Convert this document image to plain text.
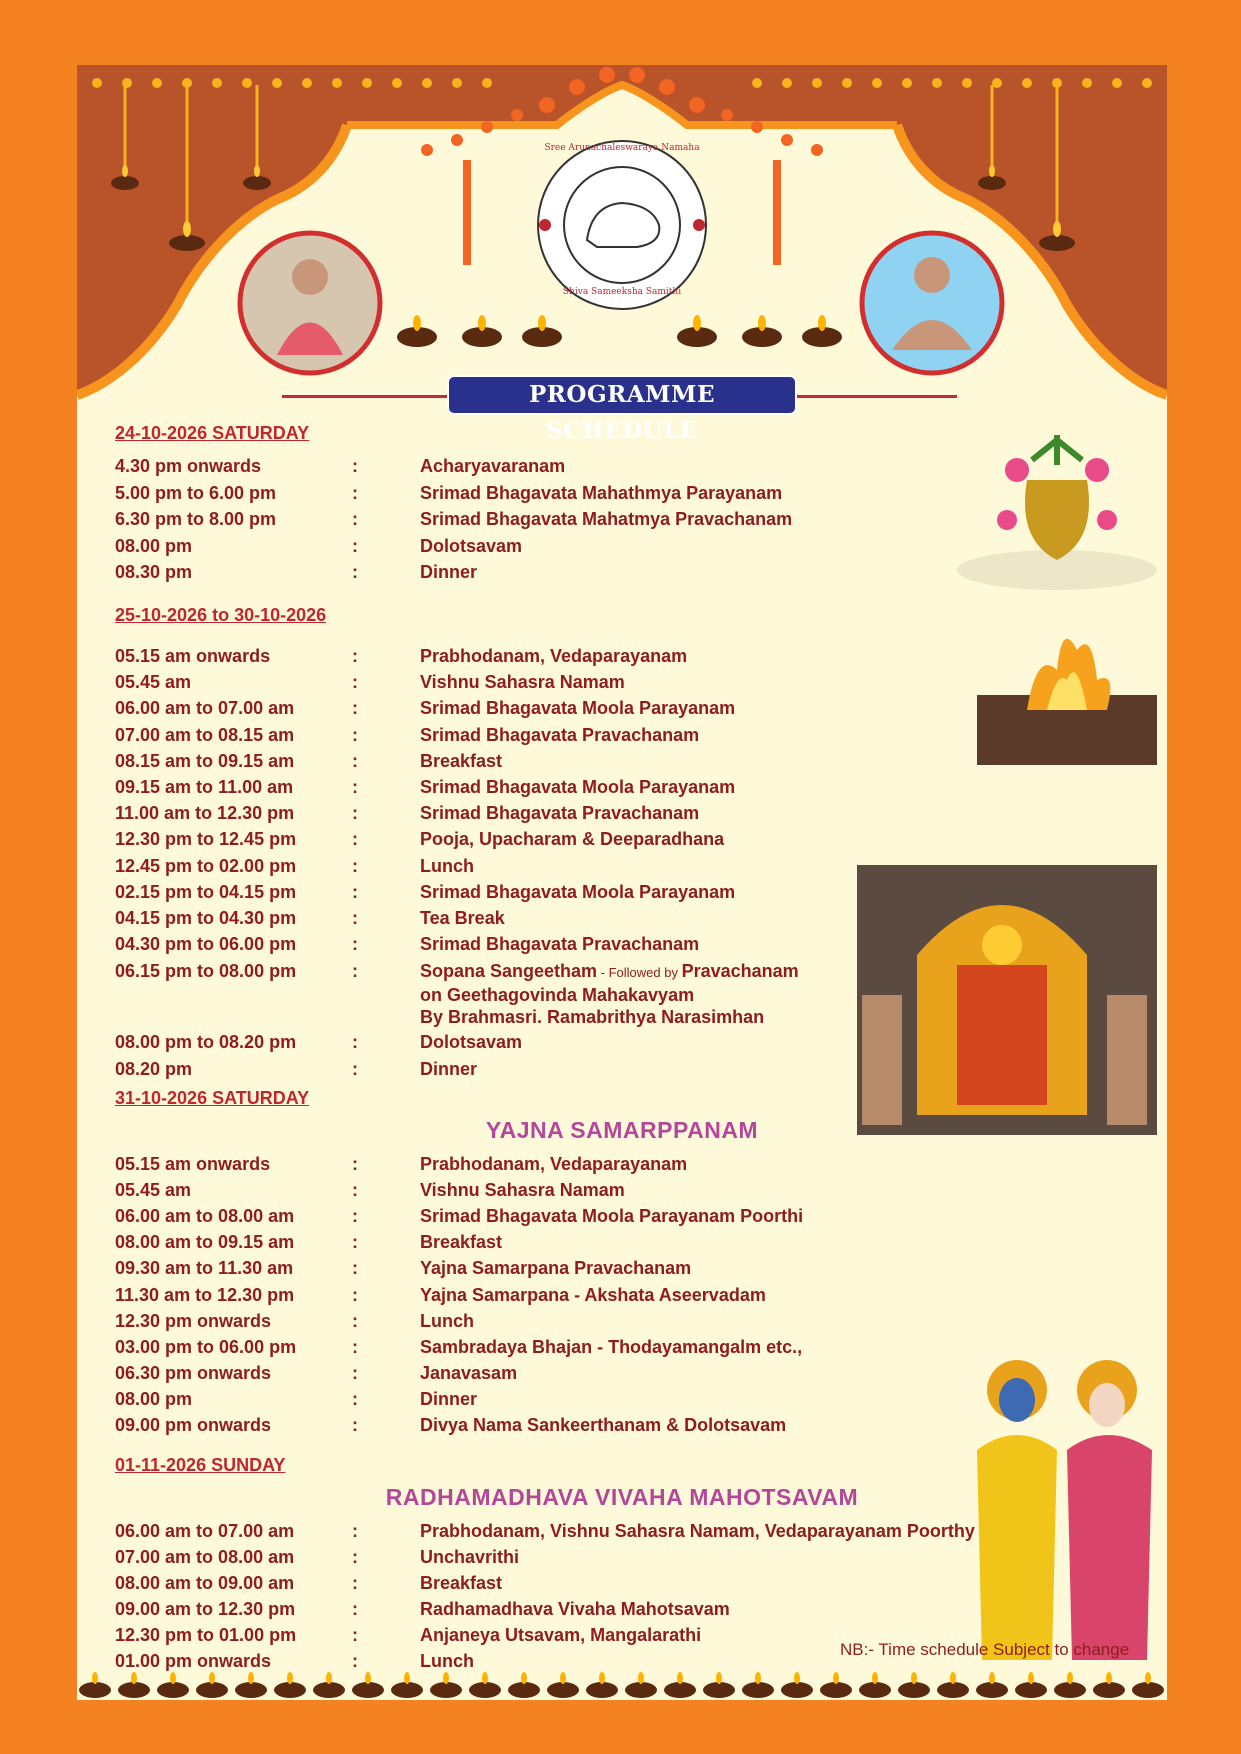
Sree Arunachaleswaraya Namaha
Shiva Sameeksha Samithi
PROGRAMME SCHEDULE
24-10-2026 SATURDAY
4.30 pm onwards	:	Acharyavaranam
5.00 pm to 6.00 pm	:	Srimad Bhagavata Mahathmya Parayanam
6.30 pm to 8.00 pm	:	Srimad Bhagavata Mahatmya Pravachanam
08.00 pm	:	Dolotsavam
08.30 pm	:	Dinner
25-10-2026 to 30-10-2026
05.15 am onwards	:	Prabhodanam, Vedaparayanam
05.45 am	:	Vishnu Sahasra Namam
06.00 am to 07.00 am	:	Srimad Bhagavata Moola Parayanam
07.00 am to 08.15 am	:	Srimad Bhagavata Pravachanam
08.15 am to 09.15 am	:	Breakfast
09.15 am to 11.00 am	:	Srimad Bhagavata Moola Parayanam
11.00 am to 12.30 pm	:	Srimad Bhagavata Pravachanam
12.30 pm to 12.45 pm	:	Pooja, Upacharam & Deeparadhana
12.45 pm to 02.00 pm	:	Lunch
02.15 pm to 04.15 pm	:	Srimad Bhagavata Moola Parayanam
04.15 pm to 04.30 pm	:	Tea Break
04.30 pm to 06.00 pm	:	Srimad Bhagavata Pravachanam
06.15 pm to 08.00 pm	:	Sopana Sangeetham - Followed by Pravachanam
on Geethagovinda Mahakavyam
By Brahmasri. Ramabrithya Narasimhan
08.00 pm to 08.20 pm	:	Dolotsavam
08.20 pm	:	Dinner
31-10-2026 SATURDAY
YAJNA SAMARPPANAM
05.15 am onwards	:	Prabhodanam, Vedaparayanam
05.45 am	:	Vishnu Sahasra Namam
06.00 am to 08.00 am	:	Srimad Bhagavata Moola Parayanam Poorthi
08.00 am to 09.15 am	:	Breakfast
09.30 am to 11.30 am	:	Yajna Samarpana Pravachanam
11.30 am to 12.30 pm	:	Yajna Samarpana - Akshata Aseervadam
12.30 pm onwards	:	Lunch
03.00 pm to 06.00 pm	:	Sambradaya Bhajan - Thodayamangalm etc.,
06.30 pm onwards	:	Janavasam
08.00 pm	:	Dinner
09.00 pm onwards	:	Divya Nama Sankeerthanam & Dolotsavam
01-11-2026 SUNDAY
RADHAMADHAVA VIVAHA MAHOTSAVAM
06.00 am to 07.00 am	:	Prabhodanam, Vishnu Sahasra Namam, Vedaparayanam Poorthy
07.00 am to 08.00 am	:	Unchavrithi
08.00 am to 09.00 am	:	Breakfast
09.00 am to 12.30 pm	:	Radhamadhava Vivaha Mahotsavam
12.30 pm to 01.00 pm	:	Anjaneya Utsavam, Mangalarathi
01.00 pm onwards	:	Lunch
NB:- Time schedule Subject to change
